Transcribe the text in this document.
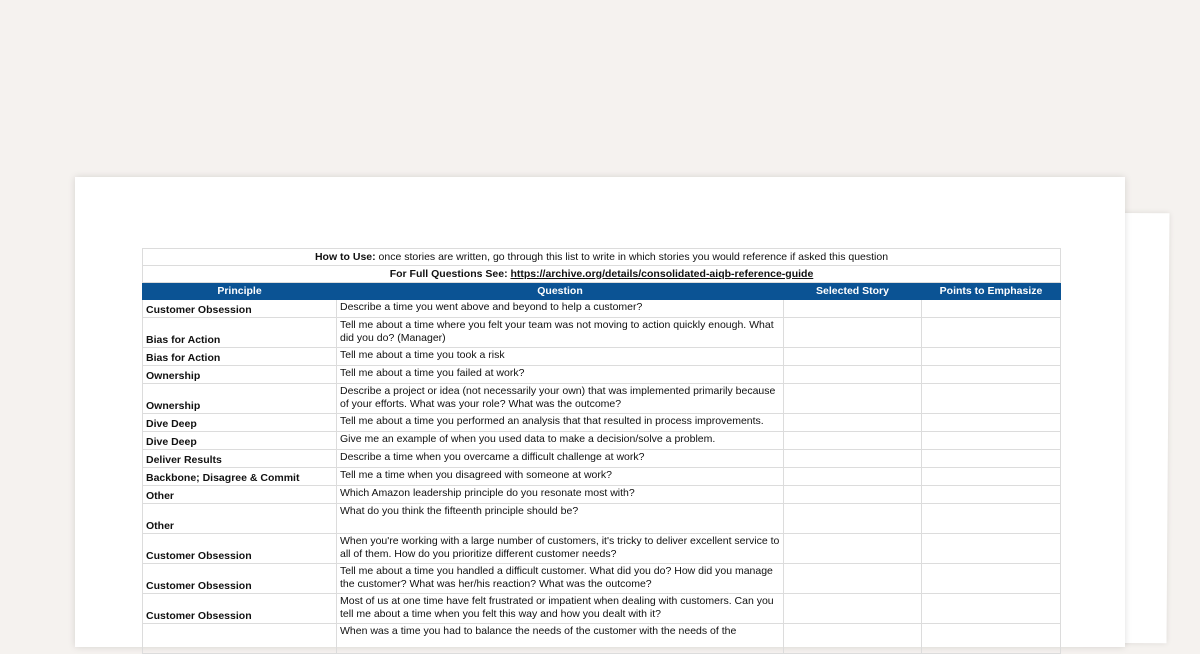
How to Use: once stories are written, go through this list to write in which stories you would reference if asked this question			
For Full Questions See: https://archive.org/details/consolidated-aiqb-reference-guide			
Principle	Question	Selected Story	Points to Emphasize
Customer Obsession	Describe a time you went above and beyond to help a customer?		
Bias for Action	Tell me about a time where you felt your team was not moving to action quickly enough. What did you do? (Manager)		
Bias for Action	Tell me about a time you took a risk		
Ownership	Tell me about a time you failed at work?		
Ownership	Describe a project or idea (not necessarily your own) that was implemented primarily because of your efforts. What was your role? What was the outcome?		
Dive Deep	Tell me about a time you performed an analysis that that resulted in process improvements.		
Dive Deep	Give me an example of when you used data to make a decision/solve a problem.		
Deliver Results	Describe a time when you overcame a difficult challenge at work?		
Backbone; Disagree & Commit	Tell me a time when you disagreed with someone at work?		
Other	Which Amazon leadership principle do you resonate most with?		
Other	What do you think the fifteenth principle should be?		
Customer Obsession	When you're working with a large number of customers, it's tricky to deliver excellent service to all of them. How do you prioritize different customer needs?		
Customer Obsession	Tell me about a time you handled a difficult customer. What did you do? How did you manage the customer? What was her/his reaction? What was the outcome?		
Customer Obsession	Most of us at one time have felt frustrated or impatient when dealing with customers. Can you tell me about a time when you felt this way and how you dealt with it?		
	When was a time you had to balance the needs of the customer with the needs of the		
